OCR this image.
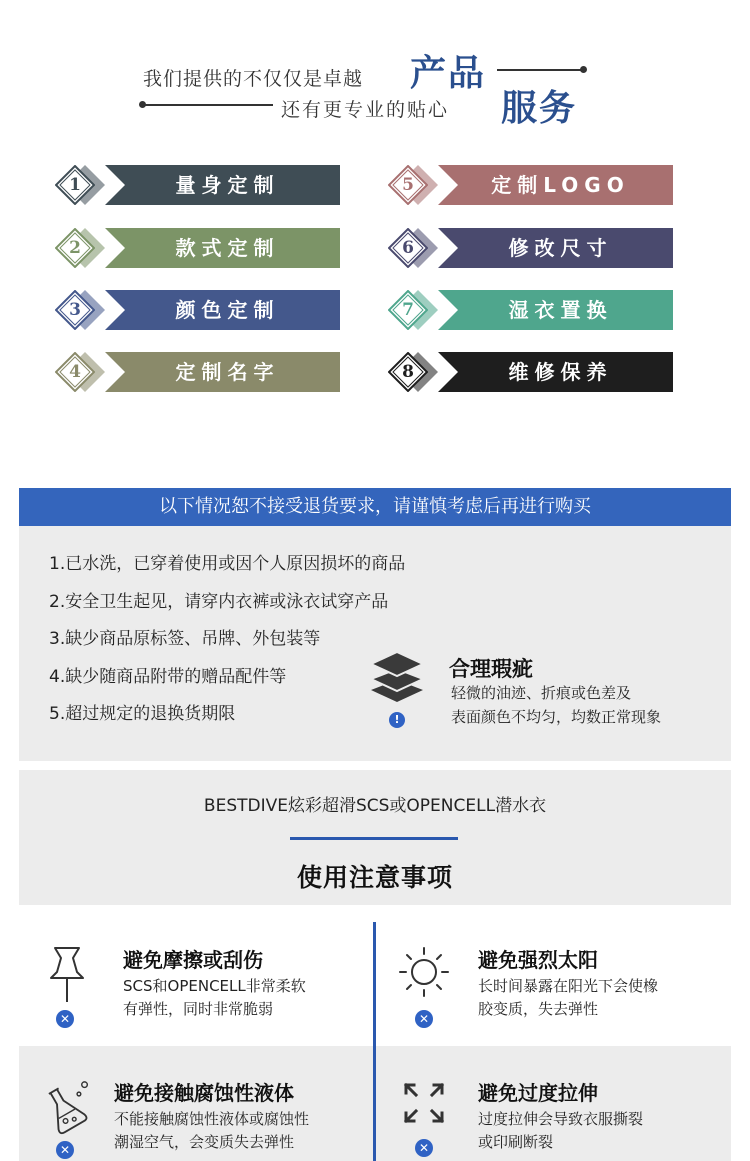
我们提供的不仅仅是卓越 产品
还有更专业的贴心 服务
1	量身定制
2	款式定制
3	颜色定制
4	定制名字
5	定制LOGO
6	修改尺寸
7	湿衣置换
8	维修保养
以下情况恕不接受退货要求，请谨慎考虑后再进行购买
1.已水洗，已穿着使用或因个人原因损坏的商品
2.安全卫生起见，请穿内衣裤或泳衣试穿产品
3.缺少商品原标签、吊牌、外包装等
4.缺少随商品附带的赠品配件等
5.超过规定的退换货期限	!
合理瑕疵
轻微的油迹、折痕或色差及
表面颜色不均匀，均数正常现象
BESTDIVE炫彩超滑SCS或OPENCELL潜水衣
使用注意事项
✕
避免摩擦或刮伤
SCS和OPENCELL非常柔软
有弹性，同时非常脆弱
✕
避免强烈太阳
长时间暴露在阳光下会使橡
胶变质，失去弹性
✕
避免接触腐蚀性液体
不能接触腐蚀性液体或腐蚀性
潮湿空气，会变质失去弹性	✕
避免过度拉伸
过度拉伸会导致衣服撕裂
或印刷断裂
